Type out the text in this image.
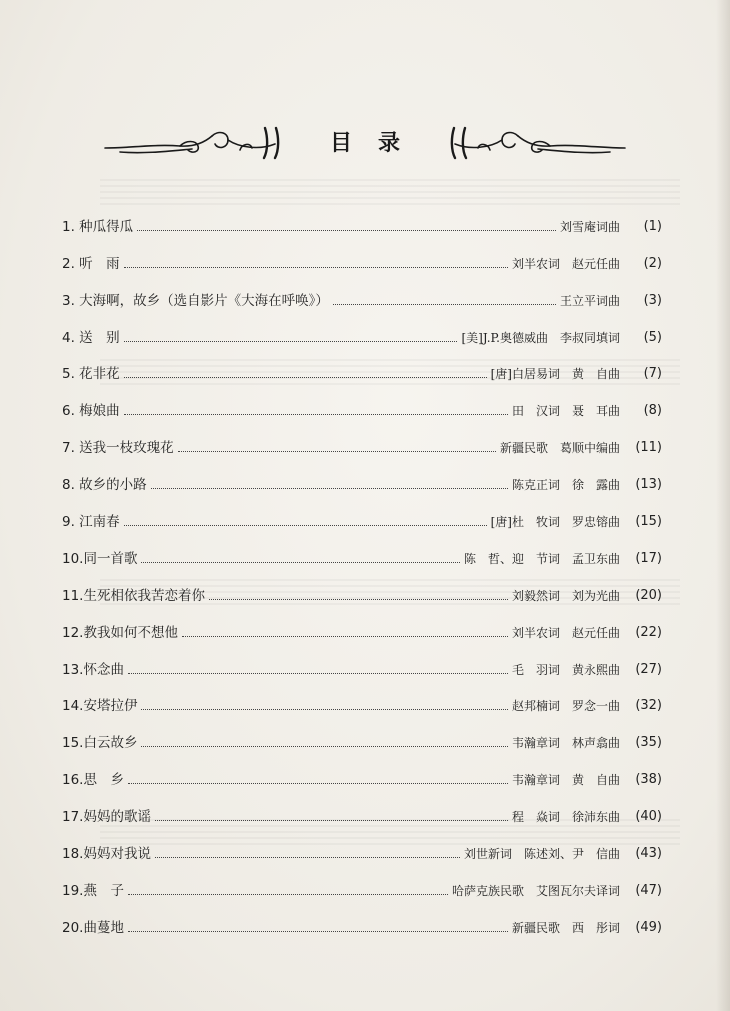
目录
1. 种瓜得瓜	刘雪庵词曲	(1)
2. 听　雨	刘半农词　赵元任曲	(2)
3. 大海啊，故乡（选自影片《大海在呼唤》）	王立平词曲	(3)
4. 送　别	[美]J.P.奥德威曲　李叔同填词	(5)
5. 花非花	[唐]白居易词　黄　自曲	(7)
6. 梅娘曲	田　汉词　聂　耳曲	(8)
7. 送我一枝玫瑰花	新疆民歌　葛顺中编曲	(11)
8. 故乡的小路	陈克正词　徐　露曲	(13)
9. 江南春	[唐]杜　牧词　罗忠镕曲	(15)
10.同一首歌	陈　哲、迎　节词　孟卫东曲	(17)
11.生死相依我苦恋着你	刘毅然词　刘为光曲	(20)
12.教我如何不想他	刘半农词　赵元任曲	(22)
13.怀念曲	毛　羽词　黄永熙曲	(27)
14.安塔拉伊	赵邦楠词　罗念一曲	(32)
15.白云故乡	韦瀚章词　林声翕曲	(35)
16.思　乡	韦瀚章词　黄　自曲	(38)
17.妈妈的歌谣	程　焱词　徐沛东曲	(40)
18.妈妈对我说	刘世新词　陈述刘、尹　信曲	(43)
19.燕　子	哈萨克族民歌　艾图瓦尔夫译词	(47)
20.曲蔓地	新疆民歌　西　彤词	(49)
